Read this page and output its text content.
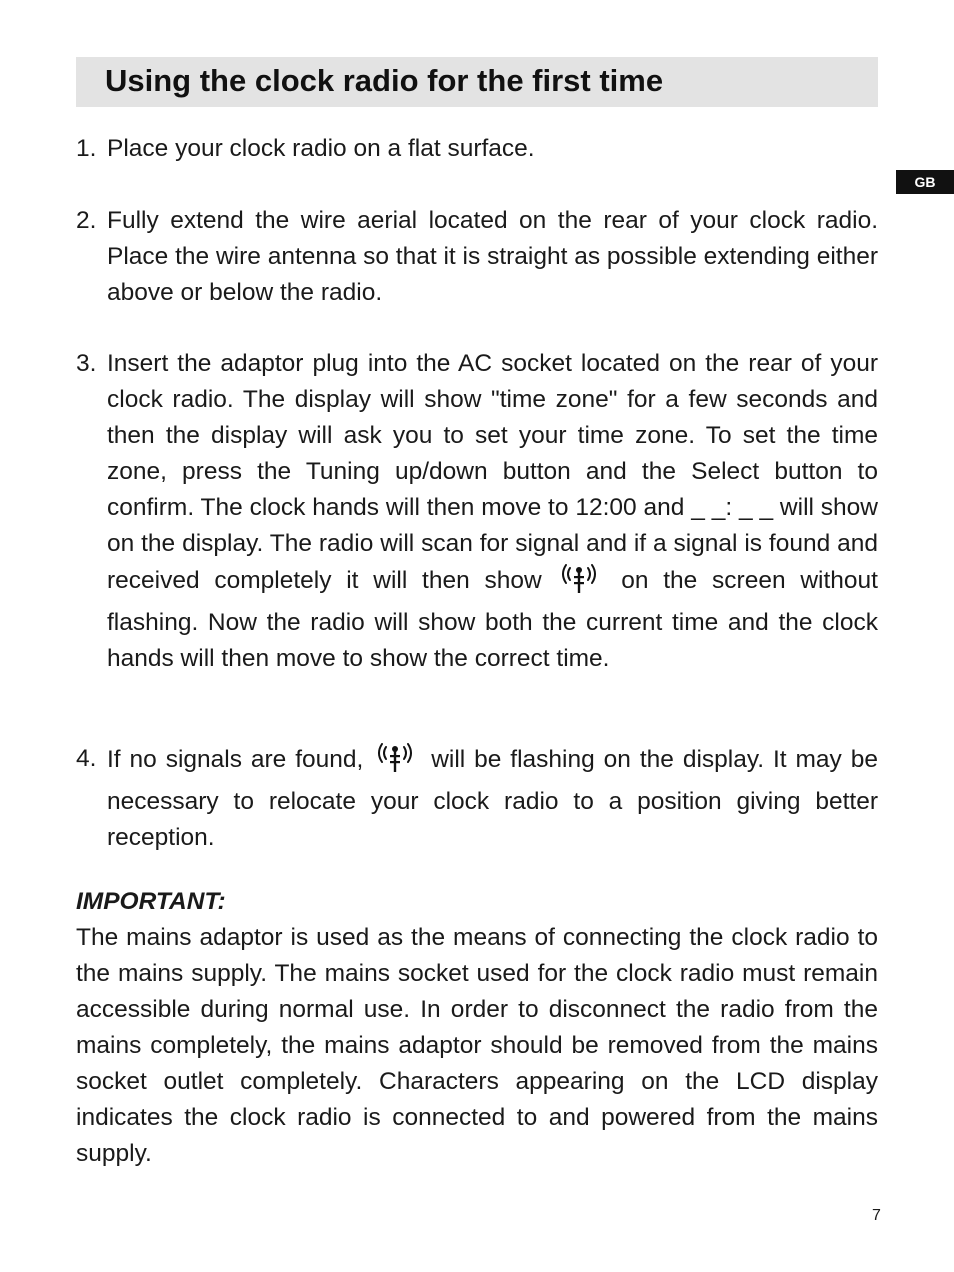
Using the clock radio for the first time
GB
1. Place your clock radio on a flat surface.
2. Fully extend the wire aerial located on the rear of your clock radio. Place the wire antenna so that it is straight as possible extending either above or below the radio.
3. Insert the adaptor plug into the AC socket located on the rear of your clock radio. The display will show "time zone" for a few seconds and then the display will ask you to set your time zone. To set the time zone, press the Tuning up/down button and the Select button to confirm. The clock hands will then move to 12:00 and _ _: _ _ will show on the display. The radio will scan for signal and if a signal is found and received completely it will then show	on the screen without flashing. Now the radio will show both the current time and the clock hands will then move to show the correct time.
4. If no signals are found,	will be flashing on the display. It may be necessary to relocate your clock radio to a position giving better reception.
IMPORTANT:
The mains adaptor is used as the means of connecting the clock radio to the mains supply. The mains socket used for the clock radio must remain accessible during normal use. In order to disconnect the radio from the mains completely, the mains adaptor should be removed from the mains socket outlet completely. Characters appearing on the LCD display indicates the clock radio is connected to and powered from the mains supply.
7
